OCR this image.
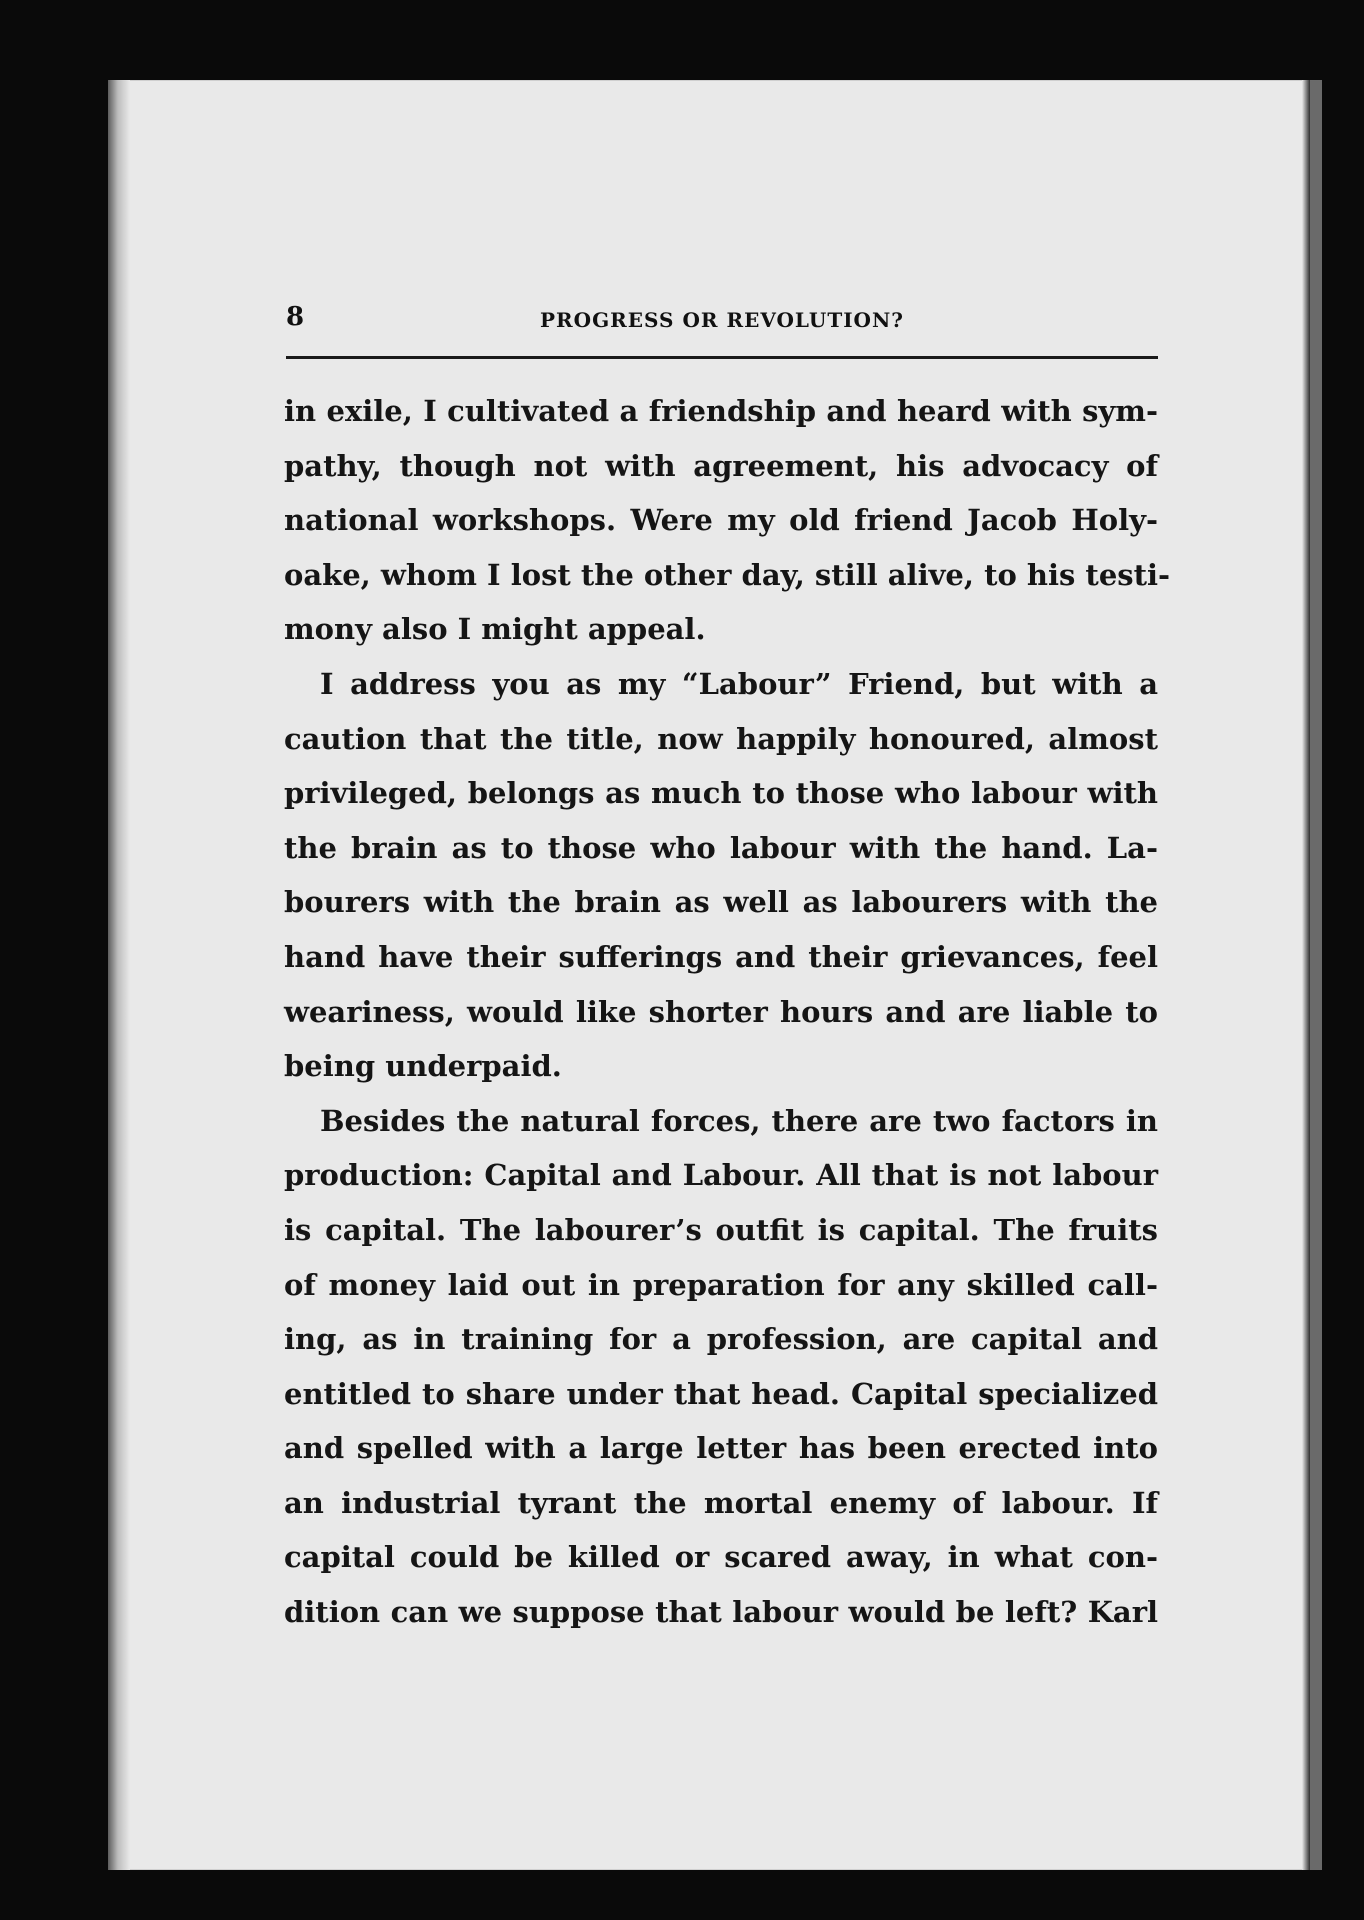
8	PROGRESS OR REVOLUTION?
in exile, I cultivated a friendship and heard with sym-
pathy, though not with agreement, his advocacy of
national workshops. Were my old friend Jacob Holy-
oake, whom I lost the other day, still alive, to his testi-
mony also I might appeal.
I address you as my “Labour” Friend, but with a
caution that the title, now happily honoured, almost
privileged, belongs as much to those who labour with
the brain as to those who labour with the hand. La-
bourers with the brain as well as labourers with the
hand have their sufferings and their grievances, feel
weariness, would like shorter hours and are liable to
being underpaid.
Besides the natural forces, there are two factors in
production: Capital and Labour. All that is not labour
is capital. The labourer’s outfit is capital. The fruits
of money laid out in preparation for any skilled call-
ing, as in training for a profession, are capital and
entitled to share under that head. Capital specialized
and spelled with a large letter has been erected into
an industrial tyrant the mortal enemy of labour. If
capital could be killed or scared away, in what con-
dition can we suppose that labour would be left? Karl
